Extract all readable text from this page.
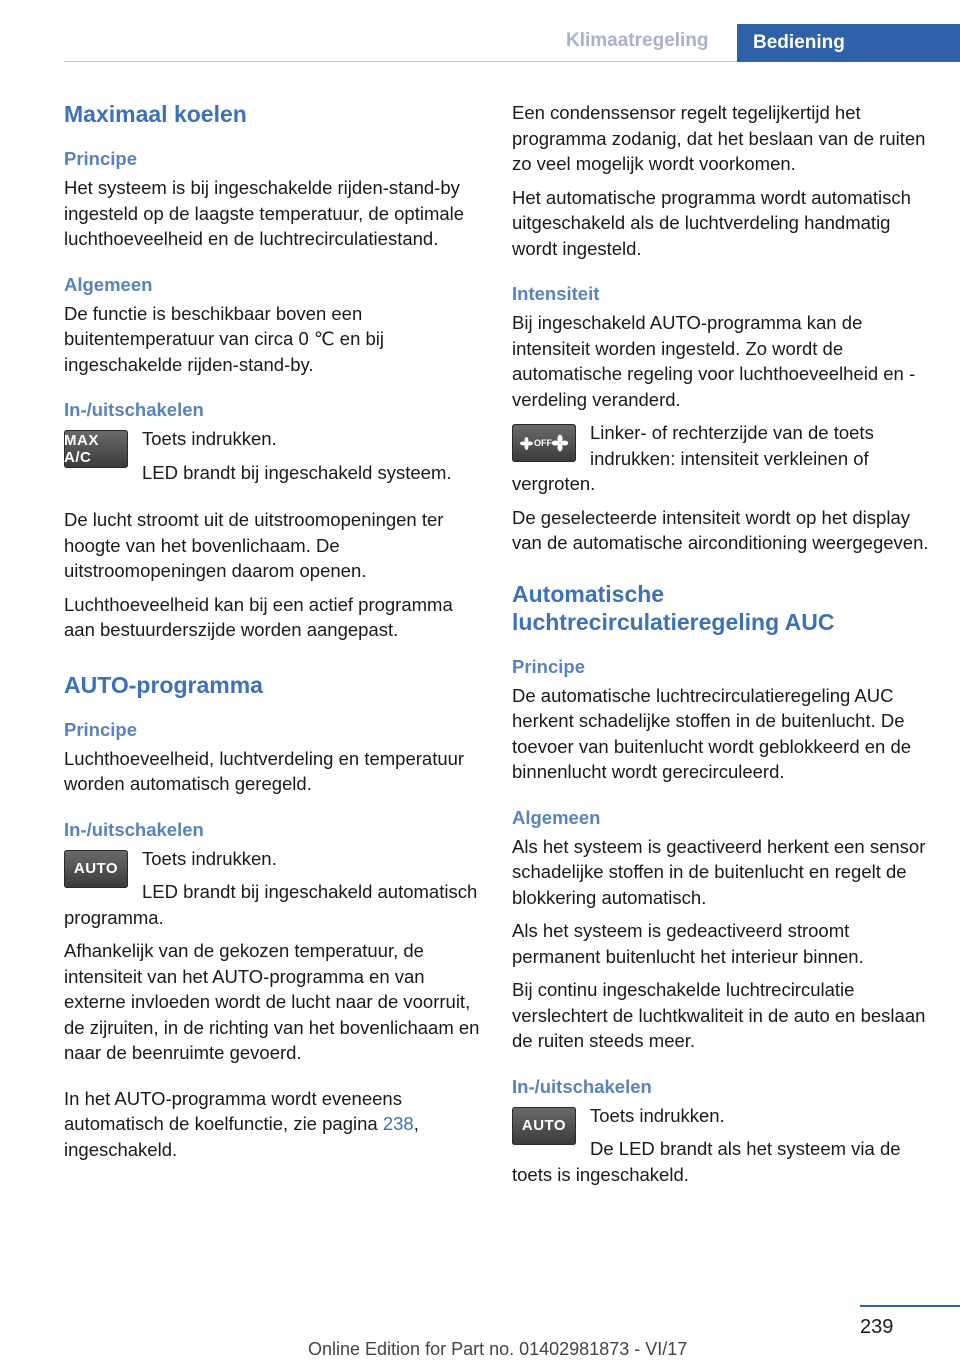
Klimaatregeling	Bediening
Maximaal koelen
Principe

Het systeem is bij ingeschakelde rijden-stand-by ingesteld op de laagste temperatuur, de optimale luchthoeveelheid en de luchtrecirculatiestand.

Algemeen

De functie is beschikbaar boven een buitentemperatuur van circa 0 ℃ en bij ingeschakelde rijden-stand-by.

In-/uitschakelen
MAX A/C

Toets indrukken.

LED brandt bij ingeschakeld systeem.

De lucht stroomt uit de uitstroomopeningen ter hoogte van het bovenlichaam. De uitstroomopeningen daarom openen.

Luchthoeveelheid kan bij een actief programma aan bestuurderszijde worden aangepast.

AUTO-programma
Principe

Luchthoeveelheid, luchtverdeling en temperatuur worden automatisch geregeld.

In-/uitschakelen
AUTO	Toets indrukken.

LED brandt bij ingeschakeld automatisch programma.

Afhankelijk van de gekozen temperatuur, de intensiteit van het AUTO-programma en van externe invloeden wordt de lucht naar de voorruit, de zijruiten, in de richting van het bovenlichaam en naar de beenruimte gevoerd.

In het AUTO-programma wordt eveneens automatisch de koelfunctie, zie pagina 238, ingeschakeld.

Een condenssensor regelt tegelijkertijd het programma zodanig, dat het beslaan van de ruiten zo veel mogelijk wordt voorkomen.

Het automatische programma wordt automatisch uitgeschakeld als de luchtverdeling handmatig wordt ingesteld.

Intensiteit

Bij ingeschakeld AUTO-programma kan de intensiteit worden ingesteld. Zo wordt de automatische regeling voor luchthoeveelheid en -verdeling veranderd.

OFF	Linker- of rechterzijde van de toets indrukken: intensiteit verkleinen of vergroten.

De geselecteerde intensiteit wordt op het display van de automatische airconditioning weergegeven.

Automatische luchtrecirculatieregeling AUC
Principe

De automatische luchtrecirculatieregeling AUC herkent schadelijke stoffen in de buitenlucht. De toevoer van buitenlucht wordt geblokkeerd en de binnenlucht wordt gerecirculeerd.

Algemeen

Als het systeem is geactiveerd herkent een sensor schadelijke stoffen in de buitenlucht en regelt de blokkering automatisch.

Als het systeem is gedeactiveerd stroomt permanent buitenlucht het interieur binnen.

Bij continu ingeschakelde luchtrecirculatie verslechtert de luchtkwaliteit in de auto en beslaan de ruiten steeds meer.

In-/uitschakelen
AUTO	Toets indrukken.

De LED brandt als het systeem via de toets is ingeschakeld.

239
Online Edition for Part no. 01402981873 - VI/17
